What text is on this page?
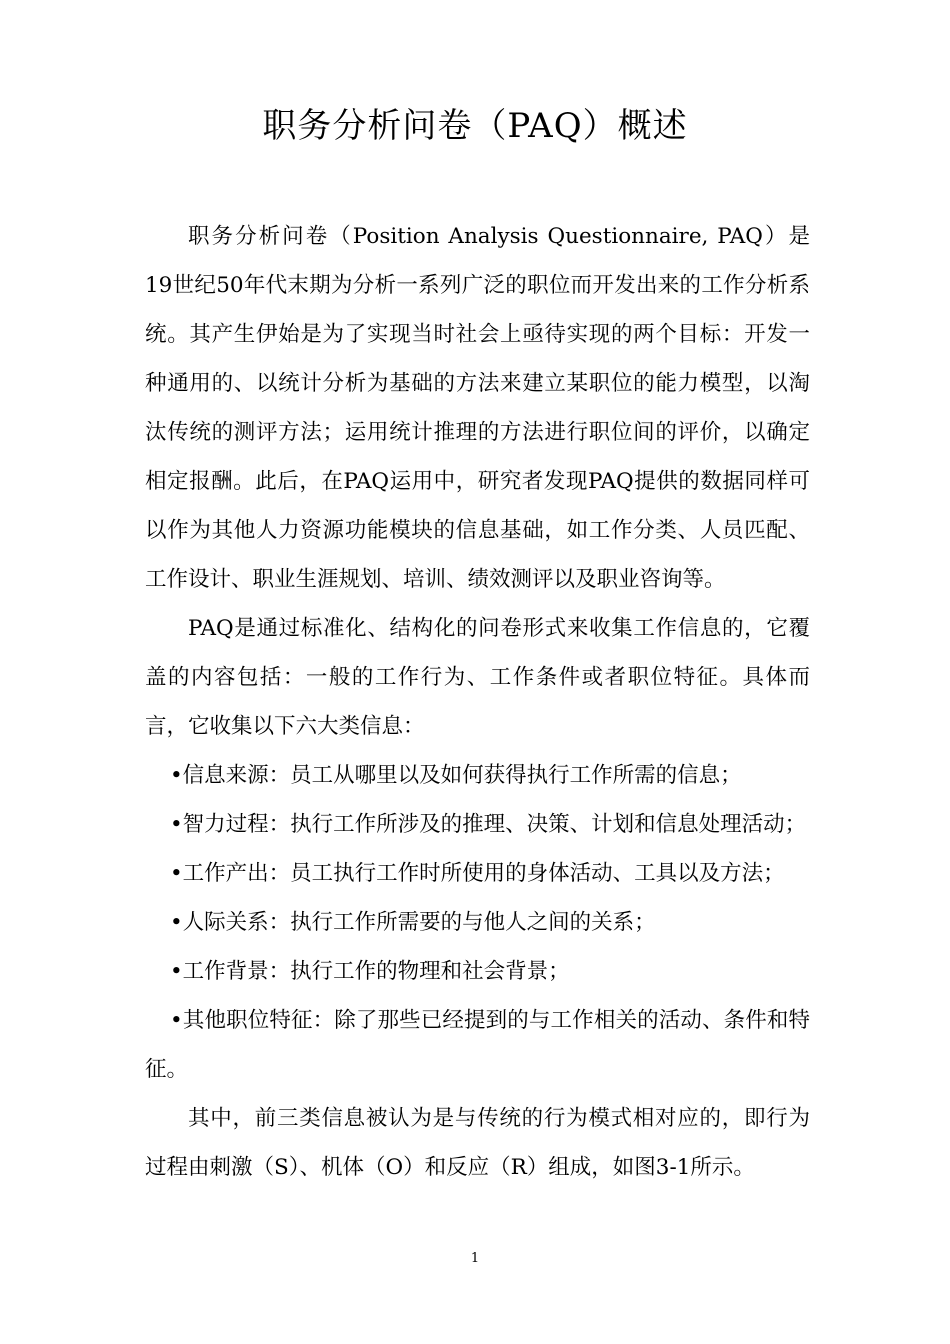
职务分析问卷（PAQ）概述

职务分析问卷（Position Analysis Questionnaire, PAQ）是19世纪50年代末期为分析一系列广泛的职位而开发出来的工作分析系统。其产生伊始是为了实现当时社会上亟待实现的两个目标：开发一种通用的、以统计分析为基础的方法来建立某职位的能力模型，以淘汰传统的测评方法；运用统计推理的方法进行职位间的评价，以确定相定报酬。此后，在PAQ运用中，研究者发现PAQ提供的数据同样可以作为其他人力资源功能模块的信息基础，如工作分类、人员匹配、工作设计、职业生涯规划、培训、绩效测评以及职业咨询等。

PAQ是通过标准化、结构化的问卷形式来收集工作信息的，它覆盖的内容包括：一般的工作行为、工作条件或者职位特征。具体而言，它收集以下六大类信息：

•信息来源：员工从哪里以及如何获得执行工作所需的信息；

•智力过程：执行工作所涉及的推理、决策、计划和信息处理活动；

•工作产出：员工执行工作时所使用的身体活动、工具以及方法；

•人际关系：执行工作所需要的与他人之间的关系；

•工作背景：执行工作的物理和社会背景；

•其他职位特征：除了那些已经提到的与工作相关的活动、条件和特征。

其中，前三类信息被认为是与传统的行为模式相对应的，即行为过程由刺激（S）、机体（O）和反应（R）组成，如图3-1所示。

1
